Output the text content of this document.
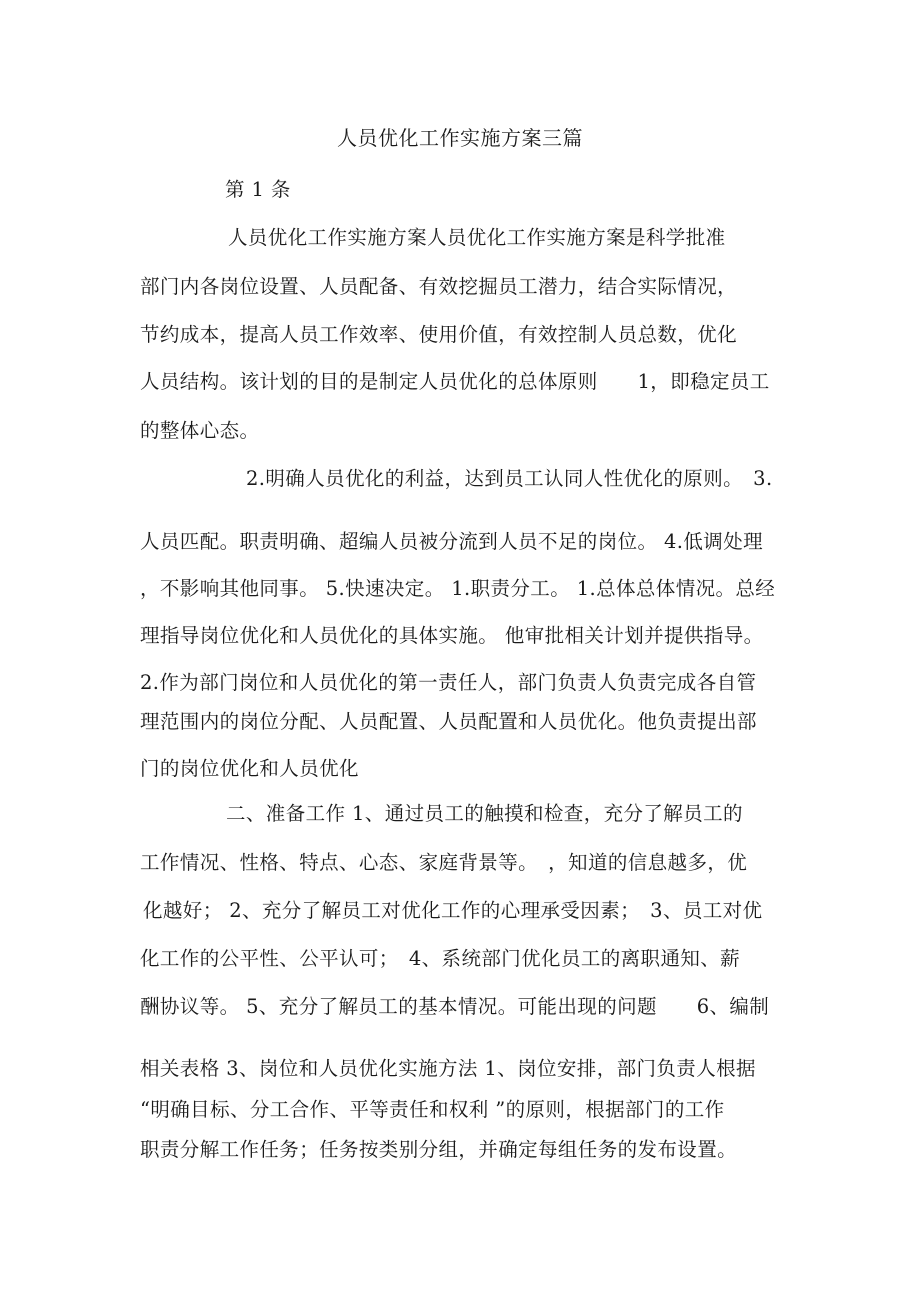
人员优化工作实施方案三篇
第 1 条
人员优化工作实施方案人员优化工作实施方案是科学批准
部门内各岗位设置、人员配备、有效挖掘员工潜力，结合实际情况，
节约成本，提高人员工作效率、使用价值，有效控制人员总数，优化
人员结构。该计划的目的是制定人员优化的总体原则　　1，即稳定员工
的整体心态。
2.明确人员优化的利益，达到员工认同人性优化的原则。　3.
人员匹配。职责明确、超编人员被分流到人员不足的岗位。 4.低调处理
，不影响其他同事。 5.快速决定。 1.职责分工。 1.总体总体情况。总经
理指导岗位优化和人员优化的具体实施。 他审批相关计划并提供指导。
2.作为部门岗位和人员优化的第一责任人，部门负责人负责完成各自管
理范围内的岗位分配、人员配置、人员配置和人员优化。他负责提出部
门的岗位优化和人员优化
二、准备工作 1、通过员工的触摸和检查，充分了解员工的
工作情况、性格、特点、心态、家庭背景等。　，知道的信息越多，优
化越好； 2、充分了解员工对优化工作的心理承受因素；　3、员工对优
化工作的公平性、公平认可；　4、系统部门优化员工的离职通知、薪
酬协议等。 5、充分了解员工的基本情况。可能出现的问题　　6、编制
相关表格 3、岗位和人员优化实施方法 1、岗位安排，部门负责人根据
“明确目标、分工合作、平等责任和权利 ”的原则，根据部门的工作
职责分解工作任务；任务按类别分组，并确定每组任务的发布设置。
